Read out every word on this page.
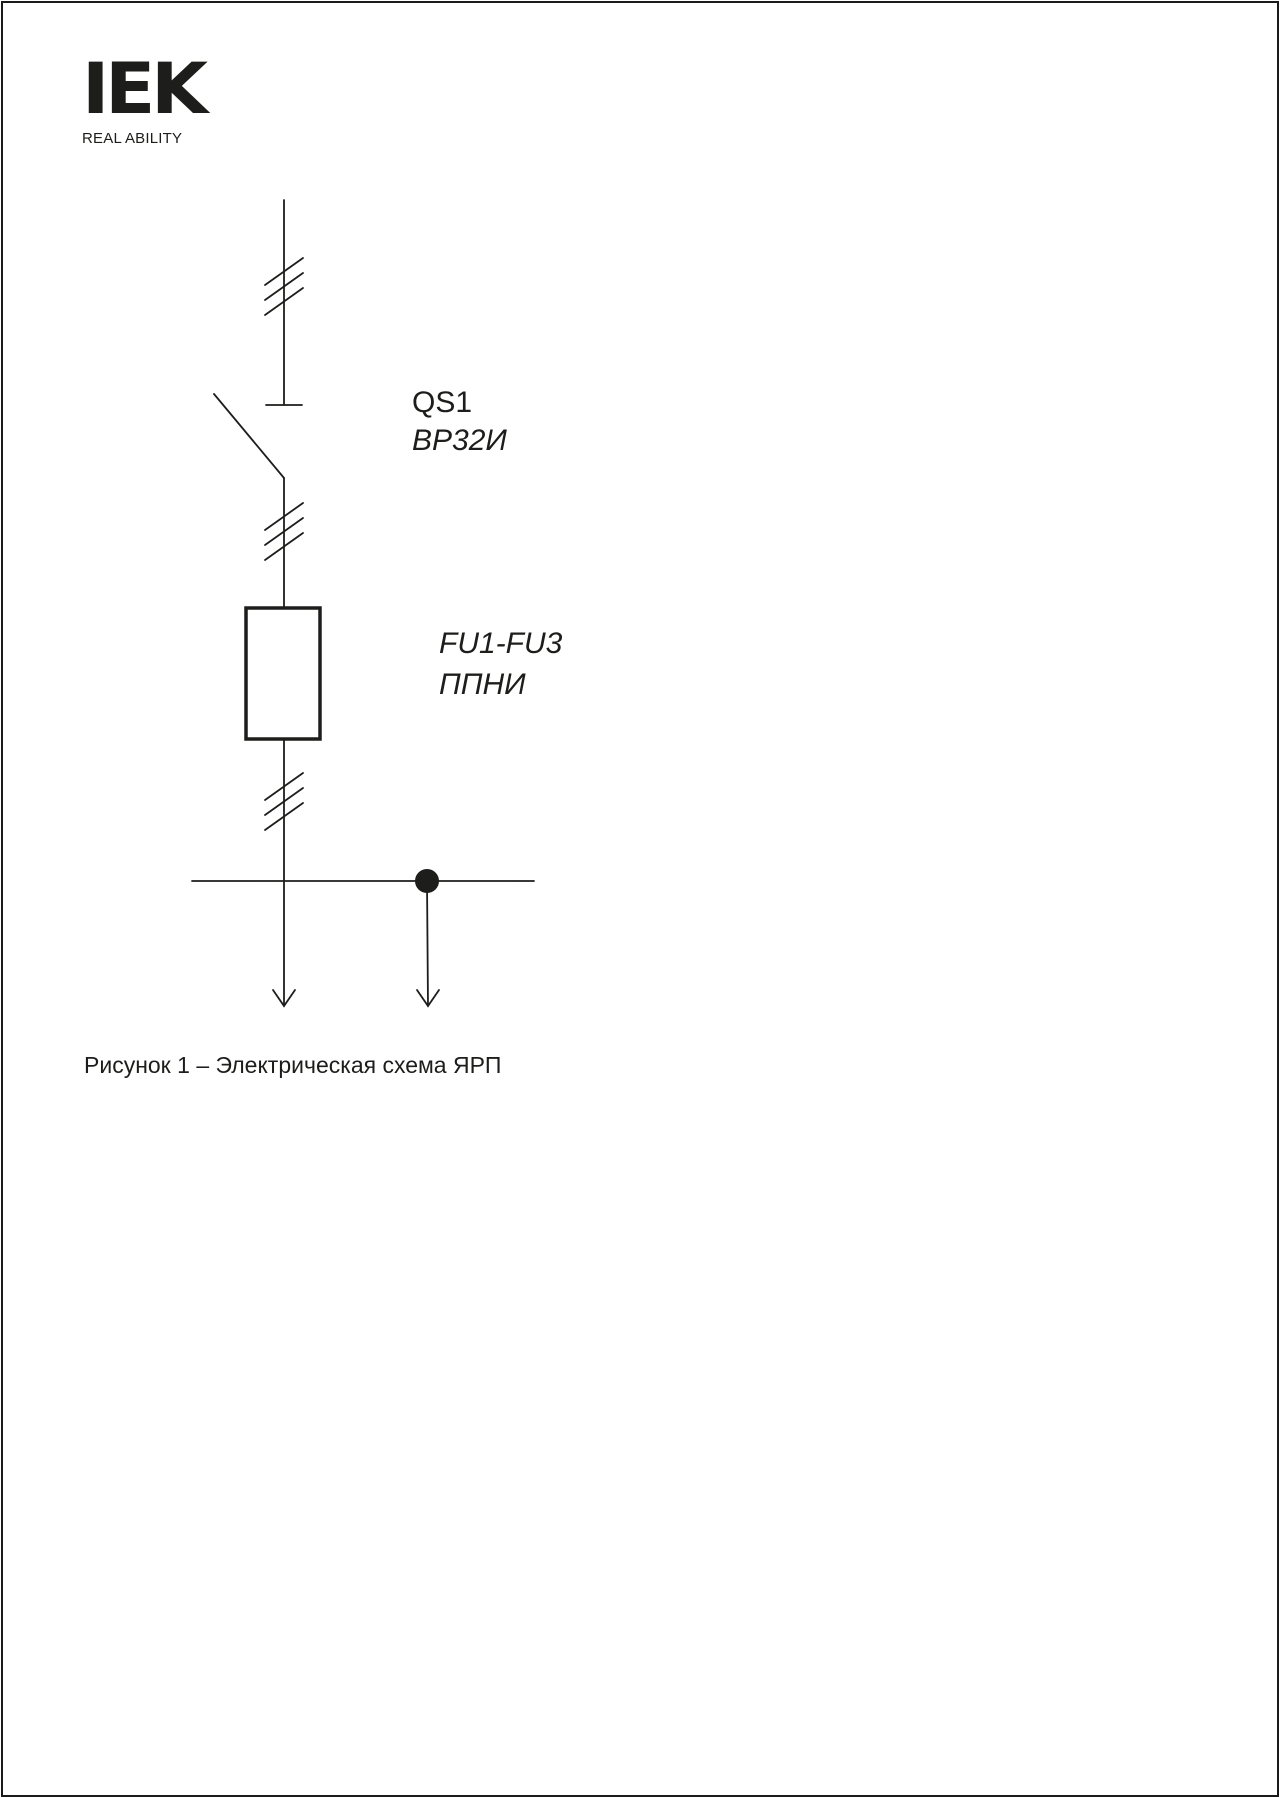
IEK
REAL ABILITY
QS1
ВР32И
FU1-FU3
ППНИ
Рисунок 1 – Электрическая схема ЯРП
